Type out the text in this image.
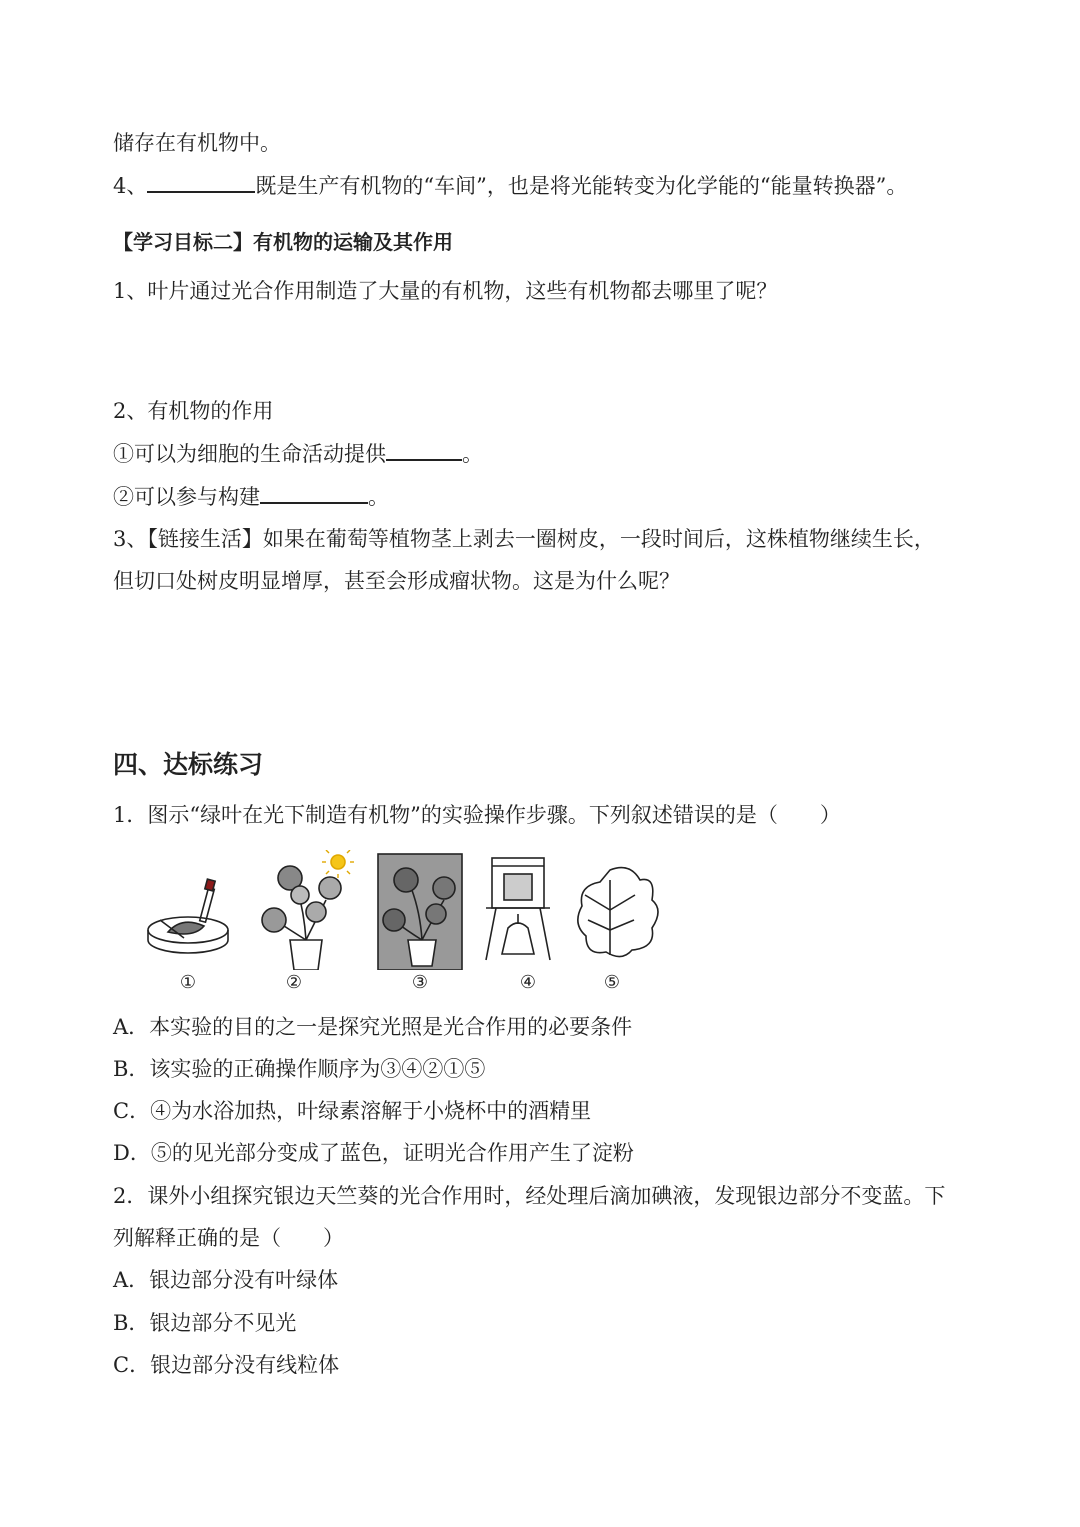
储存在有机物中。
4、	既是生产有机物的“车间”，也是将光能转变为化学能的“能量转换器”。
【学习目标二】有机物的运输及其作用
1、叶片通过光合作用制造了大量的有机物，这些有机物都去哪里了呢？
2、有机物的作用
①可以为细胞的生命活动提供	。
②可以参与构建	。
3、【链接生活】如果在葡萄等植物茎上剥去一圈树皮，一段时间后，这株植物继续生长，
但切口处树皮明显增厚，甚至会形成瘤状物。这是为什么呢？
四、达标练习
1．图示“绿叶在光下制造有机物”的实验操作步骤。下列叙述错误的是（　　）
①	②	③	④	⑤
A．本实验的目的之一是探究光照是光合作用的必要条件
B．该实验的正确操作顺序为③④②①⑤
C．④为水浴加热，叶绿素溶解于小烧杯中的酒精里
D．⑤的见光部分变成了蓝色，证明光合作用产生了淀粉
2．课外小组探究银边天竺葵的光合作用时，经处理后滴加碘液，发现银边部分不变蓝。下
列解释正确的是（　　）
A．银边部分没有叶绿体
B．银边部分不见光
C．银边部分没有线粒体
